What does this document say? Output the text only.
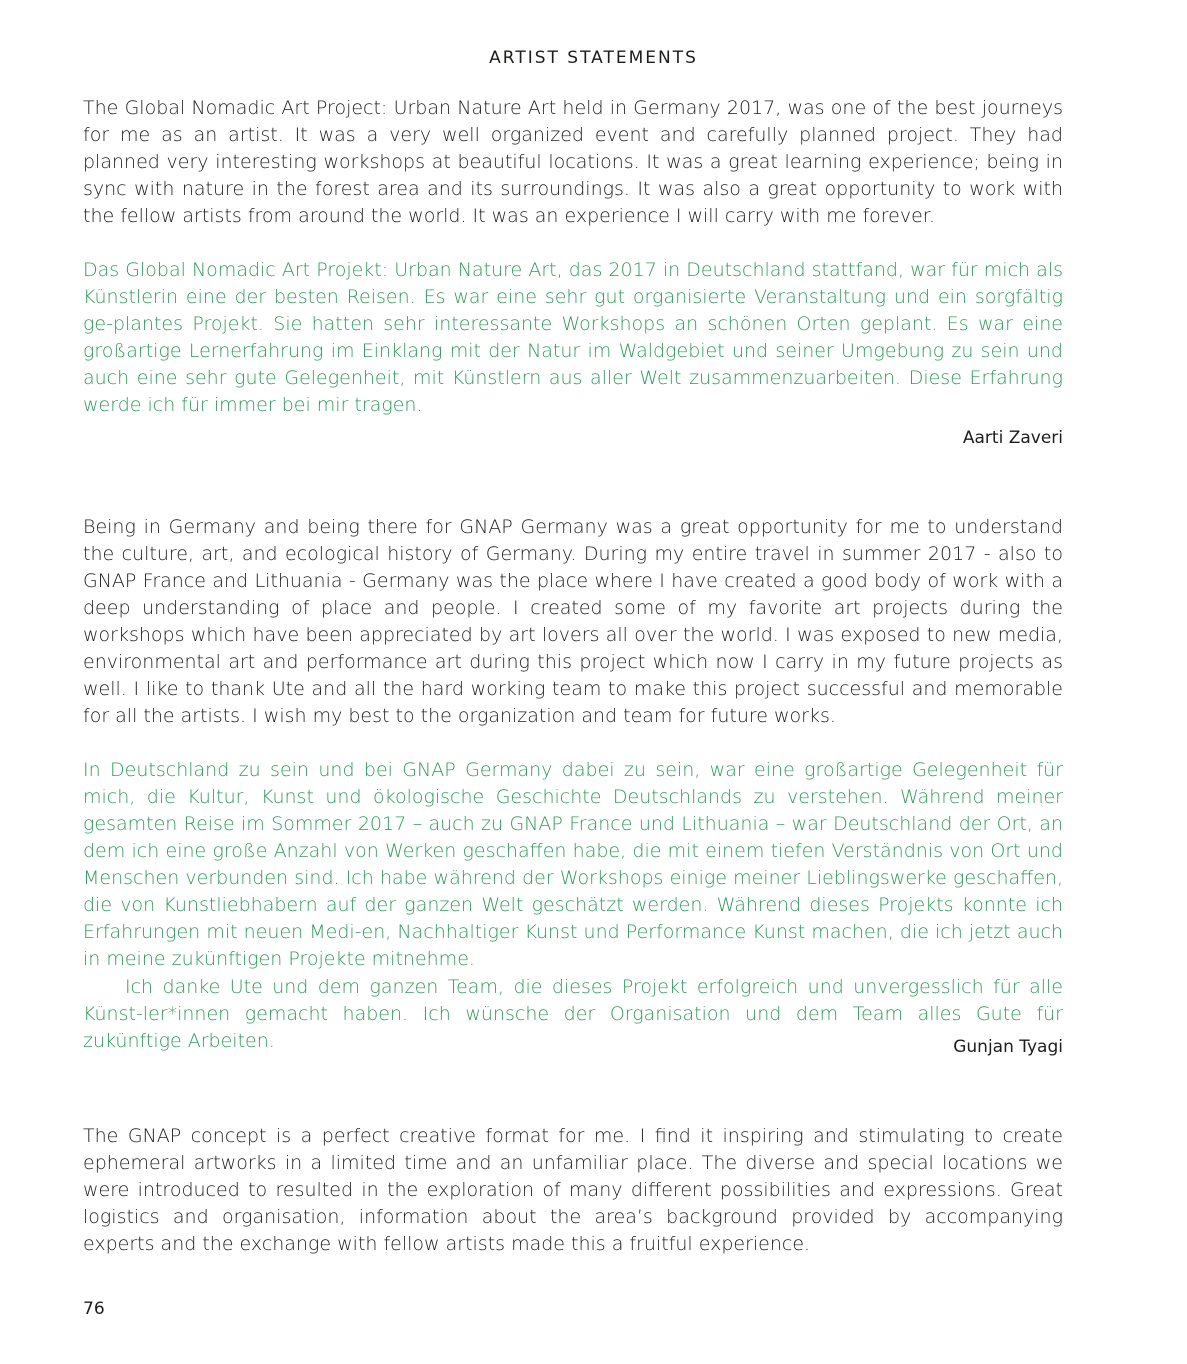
ARTIST STATEMENTS

The Global Nomadic Art Project: Urban Nature Art held in Germany 2017, was one of the best journeys for me as an artist. It was a very well organized event and carefully planned project. They had planned very interesting workshops at beautiful locations. It was a great learning experience; being in sync with nature in the forest area and its surroundings. It was also a great opportunity to work with the fellow artists from around the world. It was an experience I will carry with me forever.

Das Global Nomadic Art Projekt: Urban Nature Art, das 2017 in Deutschland stattfand, war für mich als Künstlerin eine der besten Reisen. Es war eine sehr gut organisierte Veranstaltung und ein sorgfältig ge-plantes Projekt. Sie hatten sehr interessante Workshops an schönen Orten geplant. Es war eine großartige Lernerfahrung im Einklang mit der Natur im Waldgebiet und seiner Umgebung zu sein und auch eine sehr gute Gelegenheit, mit Künstlern aus aller Welt zusammenzuarbeiten. Diese Erfahrung werde ich für immer bei mir tragen.

Aarti Zaveri

Being in Germany and being there for GNAP Germany was a great opportunity for me to understand the culture, art, and ecological history of Germany. During my entire travel in summer 2017 - also to GNAP France and Lithuania - Germany was the place where I have created a good body of work with a deep understanding of place and people. I created some of my favorite art projects during the workshops which have been appreciated by art lovers all over the world. I was exposed to new media, environmental art and performance art during this project which now I carry in my future projects as well. I like to thank Ute and all the hard working team to make this project successful and memorable for all the artists. I wish my best to the organization and team for future works.

In Deutschland zu sein und bei GNAP Germany dabei zu sein, war eine großartige Gelegenheit für mich, die Kultur, Kunst und ökologische Geschichte Deutschlands zu verstehen. Während meiner gesamten Reise im Sommer 2017 – auch zu GNAP France und Lithuania – war Deutschland der Ort, an dem ich eine große Anzahl von Werken geschaffen habe, die mit einem tiefen Verständnis von Ort und Menschen verbunden sind. Ich habe während der Workshops einige meiner Lieblingswerke geschaffen, die von Kunstliebhabern auf der ganzen Welt geschätzt werden. Während dieses Projekts konnte ich Erfahrungen mit neuen Medi-en, Nachhaltiger Kunst und Performance Kunst machen, die ich jetzt auch in meine zukünftigen Projekte mitnehme.

Ich danke Ute und dem ganzen Team, die dieses Projekt erfolgreich und unvergesslich für alle Künst-ler*innen gemacht haben. Ich wünsche der Organisation und dem Team alles Gute für zukünftige Arbeiten.	Gunjan Tyagi

The GNAP concept is a perfect creative format for me. I find it inspiring and stimulating to create ephemeral artworks in a limited time and an unfamiliar place. The diverse and special locations we were introduced to resulted in the exploration of many different possibilities and expressions. Great logistics and organisation, information about the area’s background provided by accompanying experts and the exchange with fellow artists made this a fruitful experience.

76
